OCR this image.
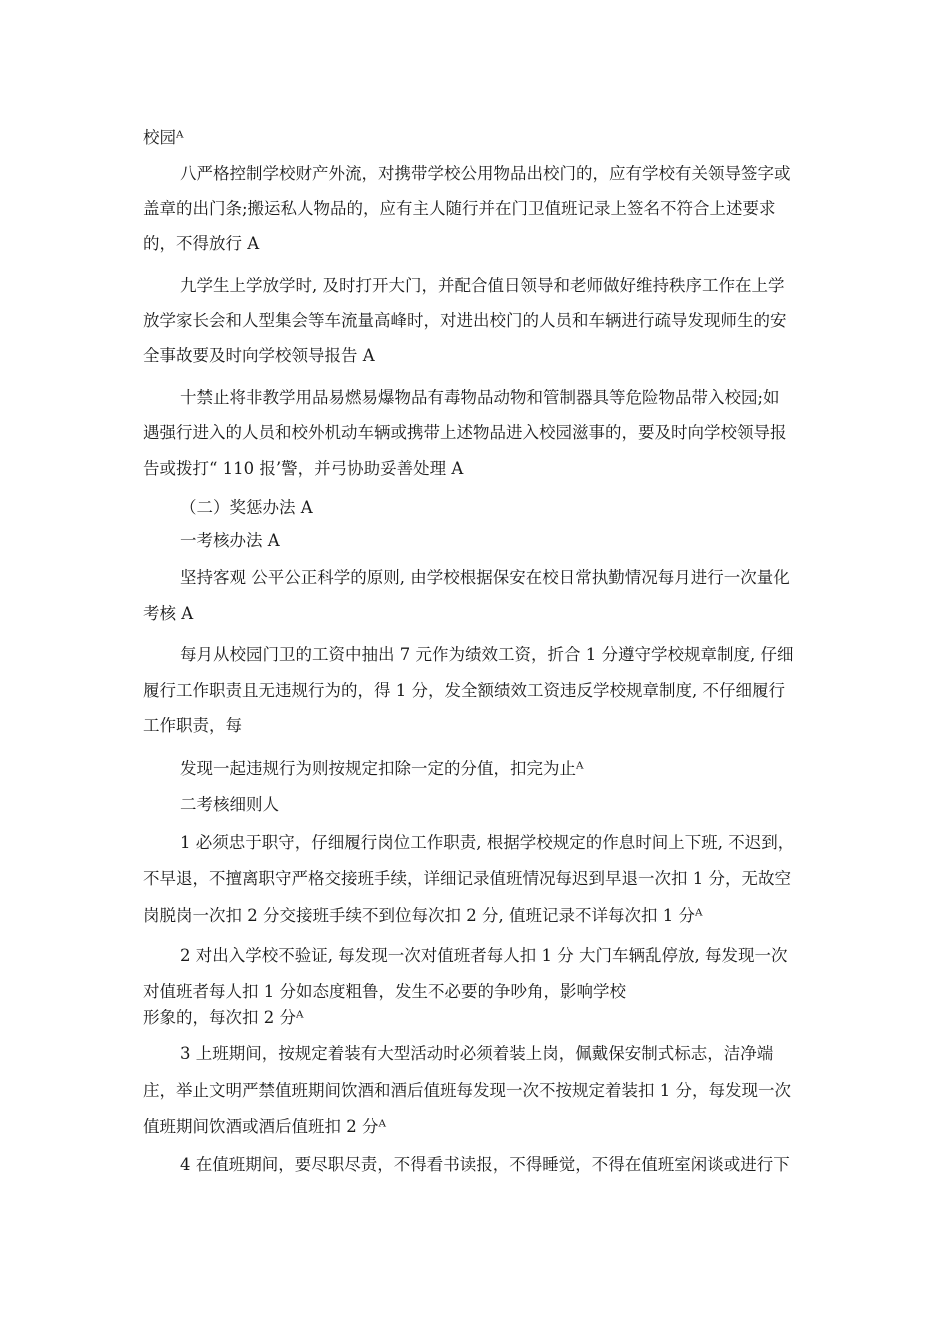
校园ᴬ
八严格控制学校财产外流，对携带学校公用物品出校门的，应有学校有关领导签字或
盖章的出门条;搬运私人物品的，应有主人随行并在门卫值班记录上签名不符合上述要求
的，不得放行 A
九学生上学放学时, 及时打开大门，并配合值日领导和老师做好维持秩序工作在上学
放学家长会和人型集会等车流量高峰时，对进出校门的人员和车辆进行疏导发现师生的安
全事故要及时向学校领导报告 A
十禁止将非教学用品易燃易爆物品有毒物品动物和管制器具等危险物品带入校园;如
遇强行进入的人员和校外机动车辆或携带上述物品进入校园滋事的，要及时向学校领导报
告或拨打“ 110 报’警，并弓协助妥善处理 A
（二）奖惩办法 A
一考核办法 A
坚持客观 公平公正科学的原则, 由学校根据保安在校日常执勤情况每月进行一次量化
考核 A
每月从校园门卫的工资中抽出 7 元作为绩效工资，折合 1 分遵守学校规章制度, 仔细
履行工作职责且无违规行为的，得 1 分，发全额绩效工资违反学校规章制度, 不仔细履行
工作职责，每
发现一起违规行为则按规定扣除一定的分值，扣完为止ᴬ
二考核细则人
1 必须忠于职守，仔细履行岗位工作职责, 根据学校规定的作息时间上下班, 不迟到，
不早退，不擅离职守严格交接班手续，详细记录值班情况每迟到早退一次扣 1 分，无故空
岗脱岗一次扣 2 分交接班手续不到位每次扣 2 分, 值班记录不详每次扣 1 分ᴬ
2 对出入学校不验证, 每发现一次对值班者每人扣 1 分 大门车辆乱停放, 每发现一次
对值班者每人扣 1 分如态度粗鲁，发生不必要的争吵角，影响学校
形象的，每次扣 2 分ᴬ
3 上班期间，按规定着装有大型活动时必须着装上岗，佩戴保安制式标志，洁净端
庄，举止文明严禁值班期间饮酒和酒后值班每发现一次不按规定着装扣 1 分，每发现一次
值班期间饮酒或酒后值班扣 2 分ᴬ
4 在值班期间，要尽职尽责，不得看书读报，不得睡觉，不得在值班室闲谈或进行下
